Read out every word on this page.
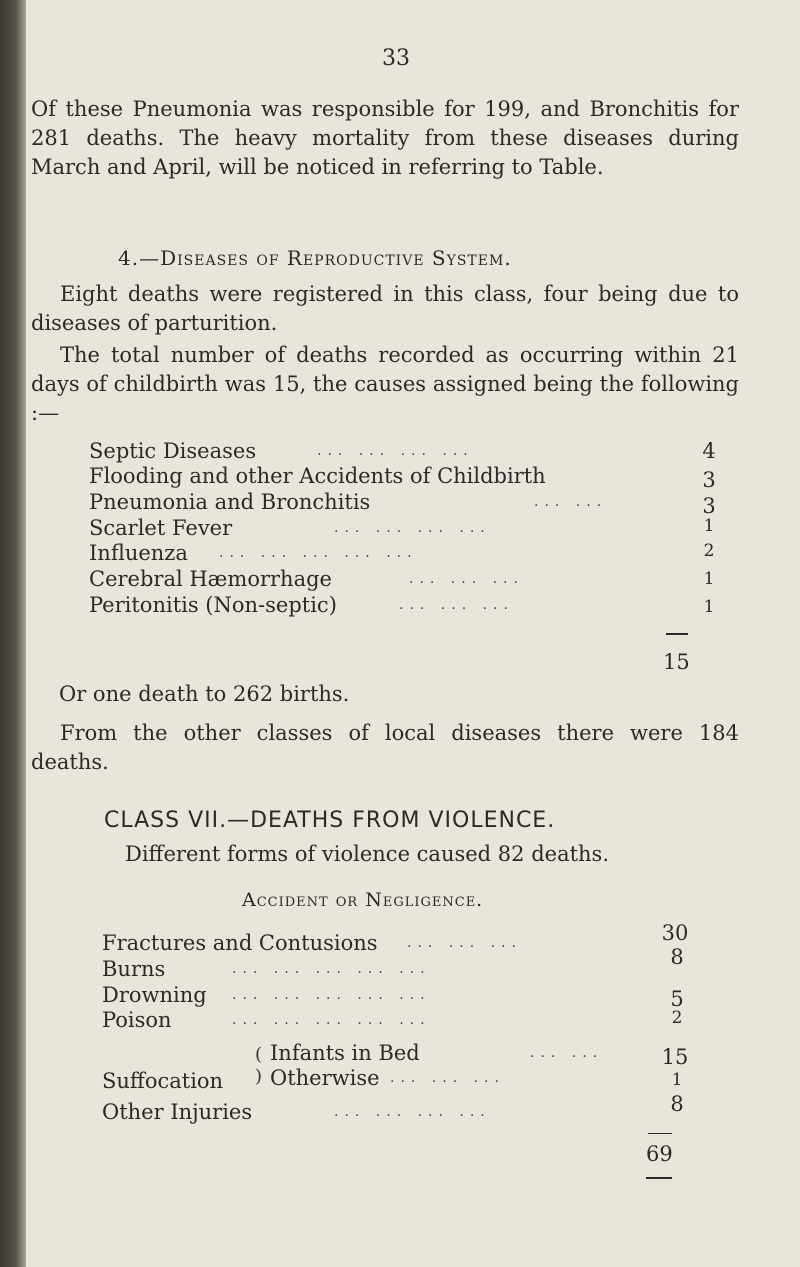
33
Of these Pneumonia was responsible for 199, and Bronchitis for 281 deaths. The heavy mortality from these diseases during March and April, will be noticed in referring to Table.
4.—Diseases of Reproductive System.
Eight deaths were registered in this class, four being due to diseases of parturition.
The total number of deaths recorded as occurring within 21 days of childbirth was 15, the causes assigned being the following :—
Septic Diseases	... ... ... ...	4
Flooding and other Accidents of Childbirth	3
Pneumonia and Bronchitis	... ...	3
Scarlet Fever	... ... ... ...	1
Influenza ... ... ... ... ...	2
Cerebral Hæmorrhage	... ... ...	1
Peritonitis (Non-septic)	... ... ...	1
15
Or one death to 262 births.
From the other classes of local diseases there were 184 deaths.
CLASS VII.—DEATHS FROM VIOLENCE.
Different forms of violence caused 82 deaths.
Accident or Negligence.
Fractures and Contusions ... ... ...	30
Burns	... ... ... ... ...	8
Drowning ... ... ... ... ...	5
Poison	... ... ... ... ...	2
Suffocation
(
)
Infants in Bed	... ...	15
Otherwise ... ... ...	1
Other Injuries	... ... ... ...	8
69
